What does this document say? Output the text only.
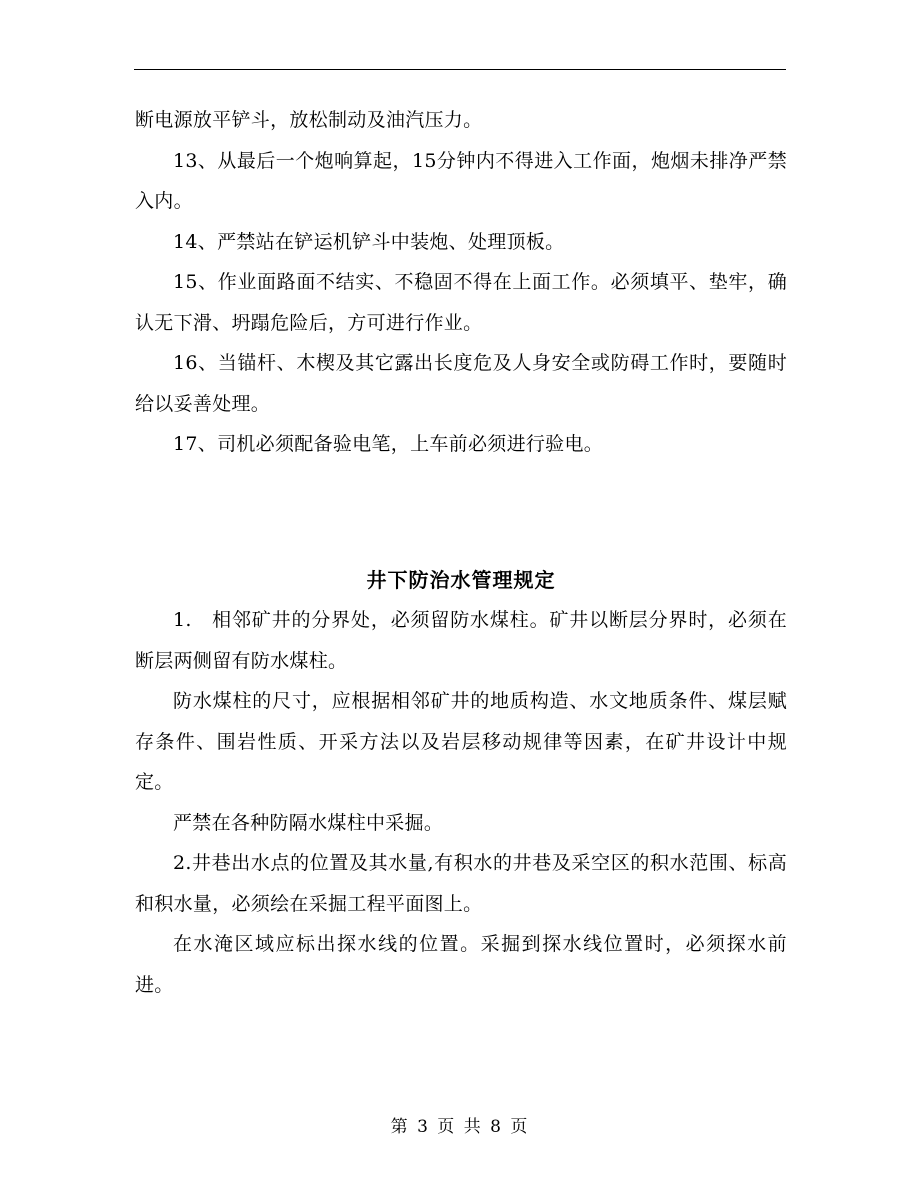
断电源放平铲斗，放松制动及油汽压力。

13、从最后一个炮响算起，15分钟内不得进入工作面，炮烟未排净严禁入内。

14、严禁站在铲运机铲斗中装炮、处理顶板。

15、作业面路面不结实、不稳固不得在上面工作。必须填平、垫牢，确认无下滑、坍蹋危险后，方可进行作业。

16、当锚杆、木楔及其它露出长度危及人身安全或防碍工作时，要随时给以妥善处理。

17、司机必须配备验电笔，上车前必须进行验电。

井下防治水管理规定

1.　相邻矿井的分界处，必须留防水煤柱。矿井以断层分界时，必须在断层两侧留有防水煤柱。

防水煤柱的尺寸，应根据相邻矿井的地质构造、水文地质条件、煤层赋存条件、围岩性质、开采方法以及岩层移动规律等因素，在矿井设计中规定。

严禁在各种防隔水煤柱中采掘。

2.井巷出水点的位置及其水量,有积水的井巷及采空区的积水范围、标高和积水量，必须绘在采掘工程平面图上。

在水淹区域应标出探水线的位置。采掘到探水线位置时，必须探水前进。

第 3 页 共 8 页
